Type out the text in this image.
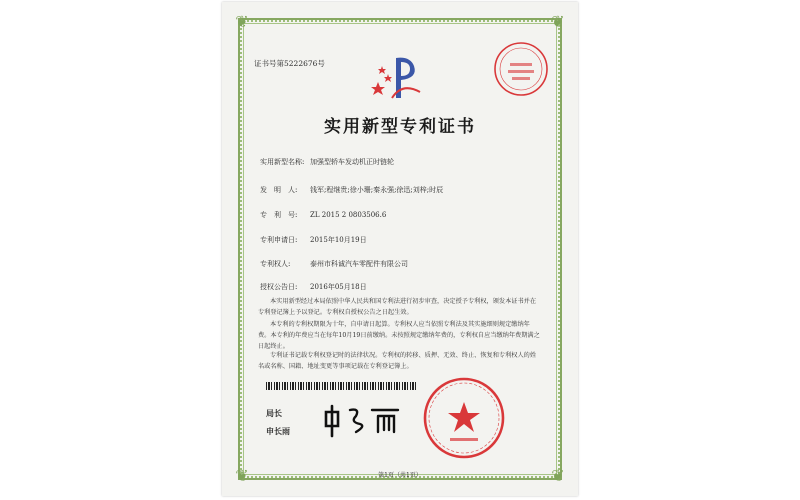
❦	❦
❦	❦
证书号第5222676号
实用新型专利证书
实用新型名称: 加强型轿车发动机正时链轮
发　明　人: 钱军;程继贵;徐小珊;秦永强;徐迅;刘梓;时辰
专　利　号: ZL 2015 2 0803506.6
专利申请日: 2015年10月19日
专利权人:	泰州市科诚汽车零配件有限公司
授权公告日: 2016年05月18日
本实用新型经过本局依照中华人民共和国专利法进行初步审查，决定授予专利权，颁发本证书并在专利登记簿上予以登记。专利权自授权公告之日起生效。
本专利的专利权期限为十年，自申请日起算。专利权人应当依照专利法及其实施细则规定缴纳年费。本专利的年费应当在每年10月19日前缴纳。未按照规定缴纳年费的，专利权自应当缴纳年费期满之日起终止。
专利证书记载专利权登记时的法律状况。专利权的转移、质押、无效、终止、恢复和专利权人的姓名或名称、国籍、地址变更等事项记载在专利登记簿上。
局长
申长雨
第1页（共1页）
